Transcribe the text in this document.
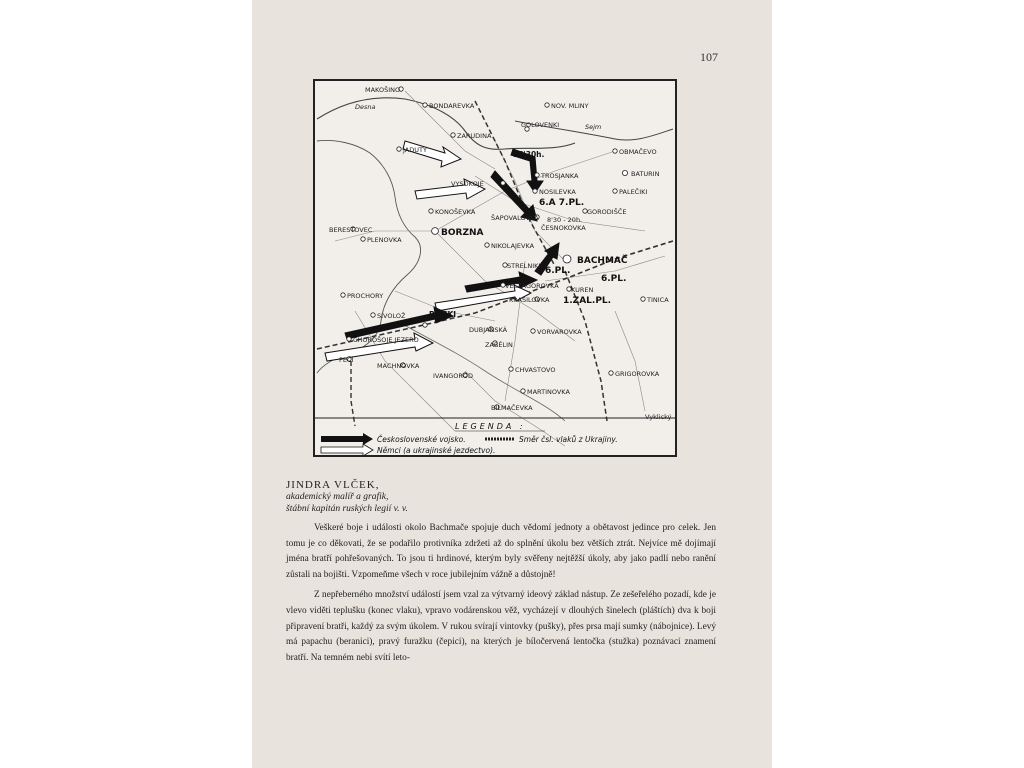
107
MAKOŠINO
BONDAREVKA	NOV. MLINY
Desna
Sejm
GOLOVENKI
ZARUDINA
JADUTY	OBMAČEVO
VYSOKOJE
TROSJANKA	BATURIN
NOSILEVKA	PALEČIKI
GORODIŠČE
KONOŠEVKA
ŠAPOVALOVKA
ČESNOKOVKA
BERESTOVEC
PLENOVKA
BORZNA
NIKOLAJEVKA
STRELNIKI
VELZAGOROVKA
PROCHORY	KRASILOVKA
KUREN
TINICA
SIVOLOŽ	PLISKI
DUBJANSKÁ	VORVAROVKA
CHOROŠOJE JEZERO
ZABĚLIN
PEČI
MACHNOVKA	CHVASTOVO
IVANGOROD	GRIGOROVKA
MARTINOVKA
BILMAČEVKA
16'30h.
8'30 - 20h.
6.A 7.PL.
6.PL.
6.PL.
1.ZAL.PL.
BACHMAČ
Vyklický
LEGENDA :
Československé vojsko.	Směr čsl. vlaků z Ukrajiny.
Němci (a ukrajinské jezdectvo).
JINDRA VLČEK,
akademický malíř a grafik,
štábní kapitán ruských legií v. v.

Veškeré boje i události okolo Bachmače spojuje duch vědomí jednoty a obětavost jedince pro celek. Jen tomu je co děkovati, že se podařilo protivníka zdržeti až do splnění úkolu bez větších ztrát. Nejvíce mě dojímají jména bratří pohřešovaných. To jsou ti hrdinové, kterým byly svěřeny nejtěžší úkoly, aby jako padlí nebo ranění zůstali na bojišti. Vzpomeňme všech v roce jubilejním vážně a důstojně!

Z nepřeberného množství událostí jsem vzal za výtvarný ideový základ nástup. Ze zešeřelého pozadí, kde je vlevo viděti teplušku (konec vlaku), vpravo vodárenskou věž, vycházejí v dlouhých šinelech (pláštích) dva k boji připravení bratři, každý za svým úkolem. V rukou svírají vintovky (pušky), přes prsa mají sumky (nábojnice). Levý má papachu (beranici), pravý furažku (čepici), na kterých je bíločervená lentočka (stužka) poznávací znamení bratří. Na temném nebi svítí leto-
